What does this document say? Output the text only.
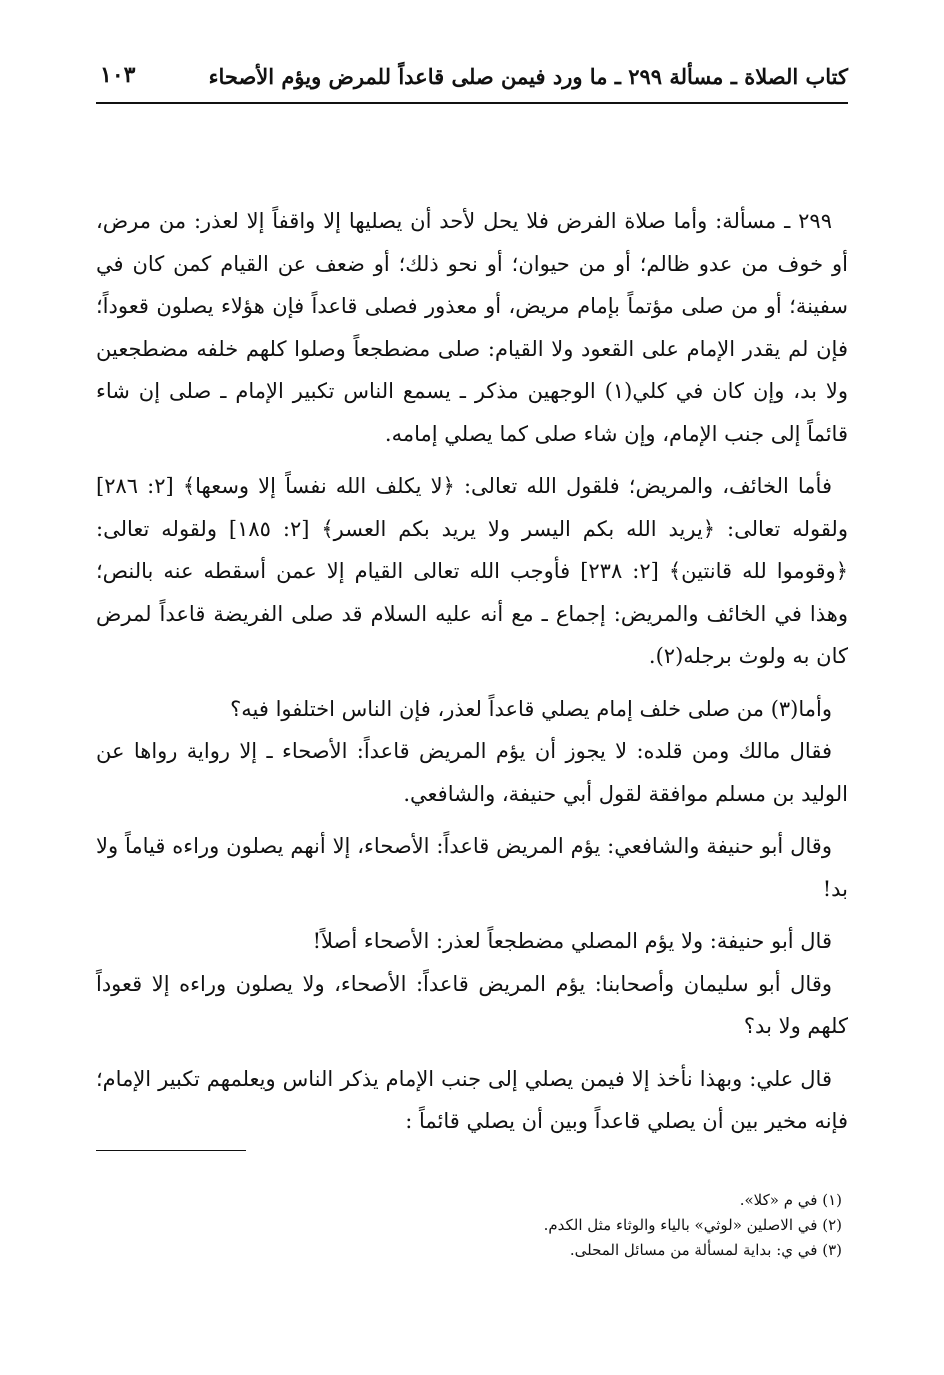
كتاب الصلاة ـ مسألة ٢٩٩ ـ ما ورد فيمن صلى قاعداً للمرض ويؤم الأصحاء
١٠٣

٢٩٩ ـ مسألة: وأما صلاة الفرض فلا يحل لأحد أن يصليها إلا واقفاً إلا لعذر: من مرض، أو خوف من عدو ظالم؛ أو من حيوان؛ أو نحو ذلك؛ أو ضعف عن القيام كمن كان في سفينة؛ أو من صلى مؤتماً بإمام مريض، أو معذور فصلى قاعداً فإن هؤلاء يصلون قعوداً؛ فإن لم يقدر الإمام على القعود ولا القيام: صلى مضطجعاً وصلوا كلهم خلفه مضطجعين ولا بد، وإن كان في كلي(١) الوجهين مذكر ـ يسمع الناس تكبير الإمام ـ صلى إن شاء قائماً إلى جنب الإمام، وإن شاء صلى كما يصلي إمامه.

فأما الخائف، والمريض؛ فلقول الله تعالى: ﴿لا يكلف الله نفساً إلا وسعها﴾ [٢: ٢٨٦] ولقوله تعالى: ﴿يريد الله بكم اليسر ولا يريد بكم العسر﴾ [٢: ١٨٥] ولقوله تعالى: ﴿وقوموا لله قانتين﴾ [٢: ٢٣٨] فأوجب الله تعالى القيام إلا عمن أسقطه عنه بالنص؛ وهذا في الخائف والمريض: إجماع ـ مع أنه عليه السلام قد صلى الفريضة قاعداً لمرض كان به ولوث برجله(٢).

وأما(٣) من صلى خلف إمام يصلي قاعداً لعذر، فإن الناس اختلفوا فيه؟

فقال مالك ومن قلده: لا يجوز أن يؤم المريض قاعداً: الأصحاء ـ إلا رواية رواها عن الوليد بن مسلم موافقة لقول أبي حنيفة، والشافعي.

وقال أبو حنيفة والشافعي: يؤم المريض قاعداً: الأصحاء، إلا أنهم يصلون وراءه قياماً ولا بد!

قال أبو حنيفة: ولا يؤم المصلي مضطجعاً لعذر: الأصحاء أصلاً!

وقال أبو سليمان وأصحابنا: يؤم المريض قاعداً: الأصحاء، ولا يصلون وراءه إلا قعوداً كلهم ولا بد؟

قال علي: وبهذا نأخذ إلا فيمن يصلي إلى جنب الإمام يذكر الناس ويعلمهم تكبير الإمام؛ فإنه مخير بين أن يصلي قاعداً وبين أن يصلي قائماً :

(١) في م «كلا».
(٢) في الاصلين «لوثي» بالياء والوثاء مثل الكدم.
(٣) في ي: بداية لمسألة من مسائل المحلى.
